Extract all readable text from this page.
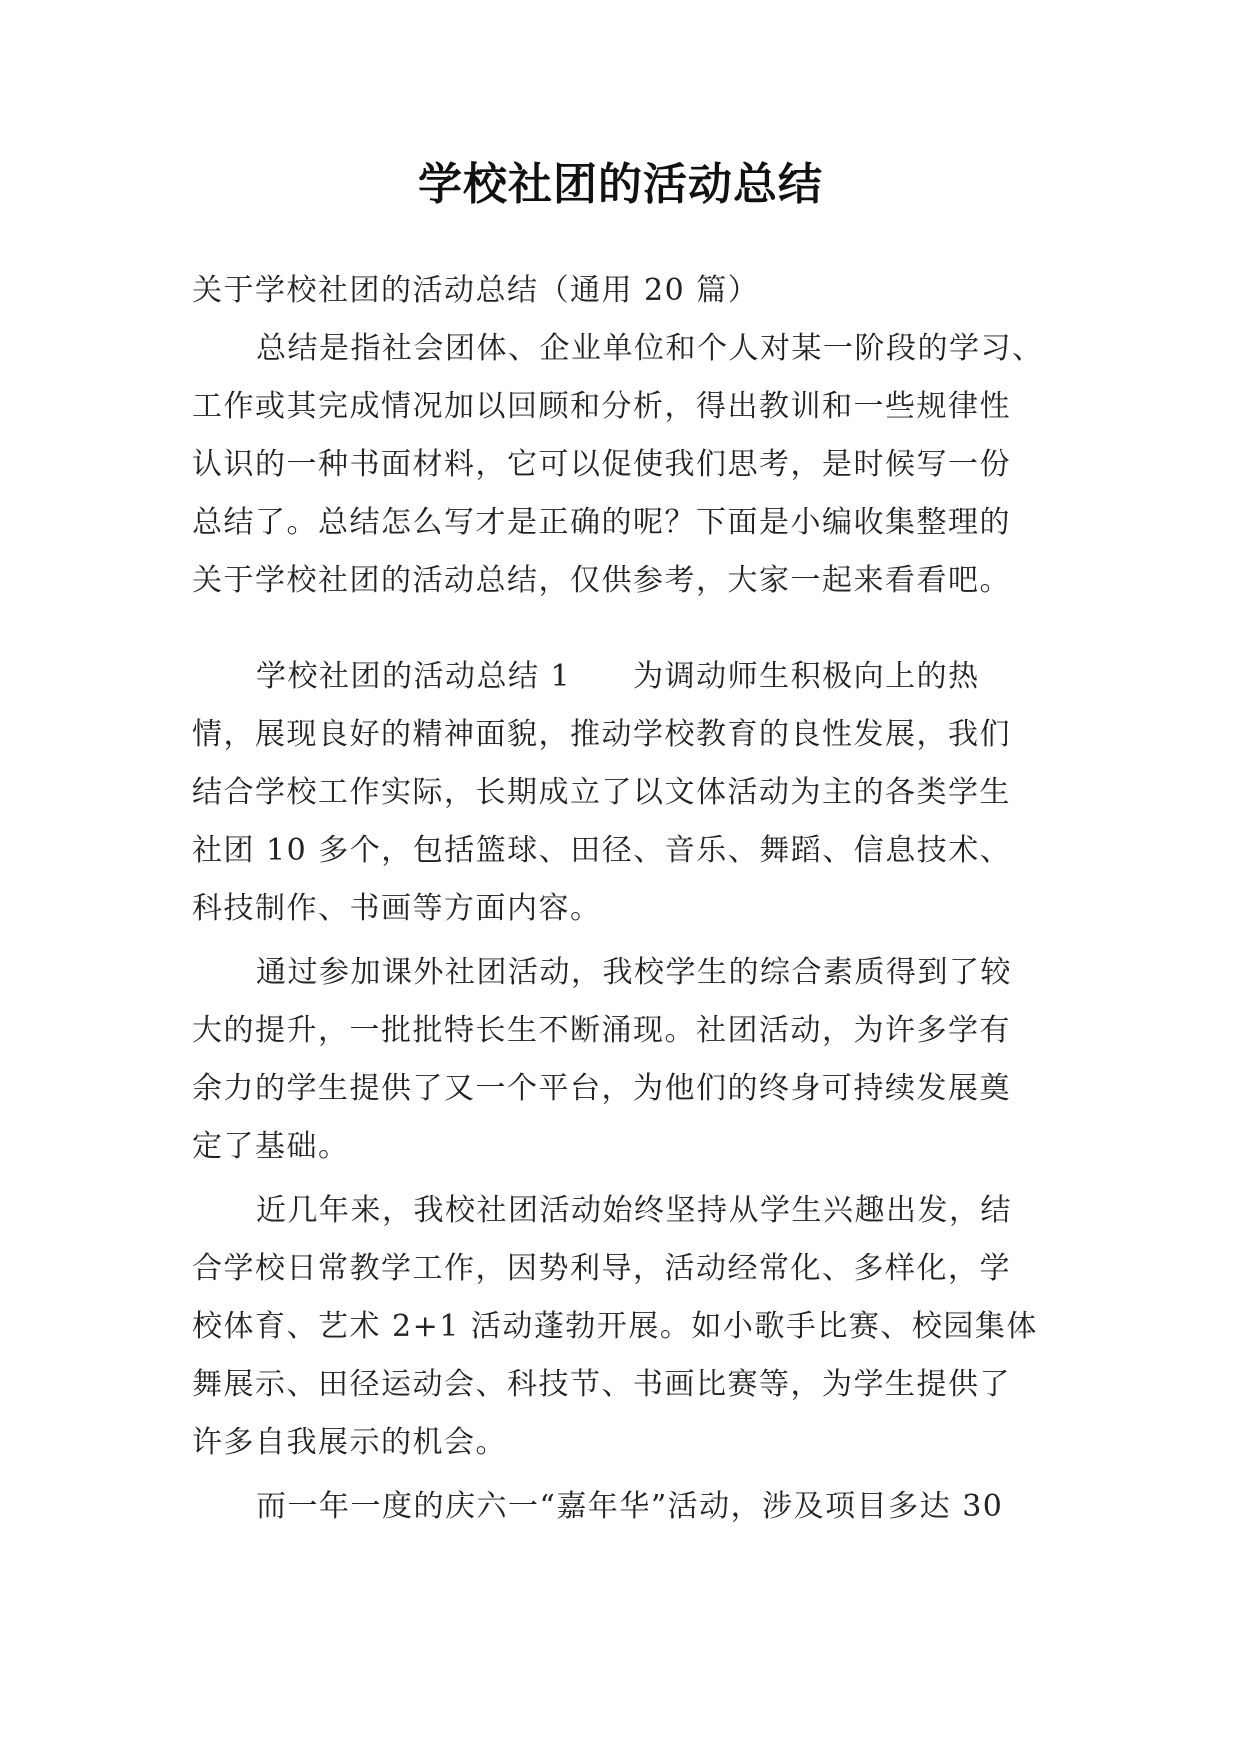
学校社团的活动总结
关于学校社团的活动总结（通用 20 篇）
总结是指社会团体、企业单位和个人对某一阶段的学习、
工作或其完成情况加以回顾和分析，得出教训和一些规律性
认识的一种书面材料，它可以促使我们思考，是时候写一份
总结了。总结怎么写才是正确的呢？下面是小编收集整理的
关于学校社团的活动总结，仅供参考，大家一起来看看吧。
学校社团的活动总结 1 为调动师生积极向上的热
情，展现良好的精神面貌，推动学校教育的良性发展，我们
结合学校工作实际，长期成立了以文体活动为主的各类学生
社团 10 多个，包括篮球、田径、音乐、舞蹈、信息技术、
科技制作、书画等方面内容。
通过参加课外社团活动，我校学生的综合素质得到了较
大的提升，一批批特长生不断涌现。社团活动，为许多学有
余力的学生提供了又一个平台，为他们的终身可持续发展奠
定了基础。
近几年来，我校社团活动始终坚持从学生兴趣出发，结
合学校日常教学工作，因势利导，活动经常化、多样化，学
校体育、艺术 2+1 活动蓬勃开展。如小歌手比赛、校园集体
舞展示、田径运动会、科技节、书画比赛等，为学生提供了
许多自我展示的机会。
而一年一度的庆六一“嘉年华”活动，涉及项目多达 30
